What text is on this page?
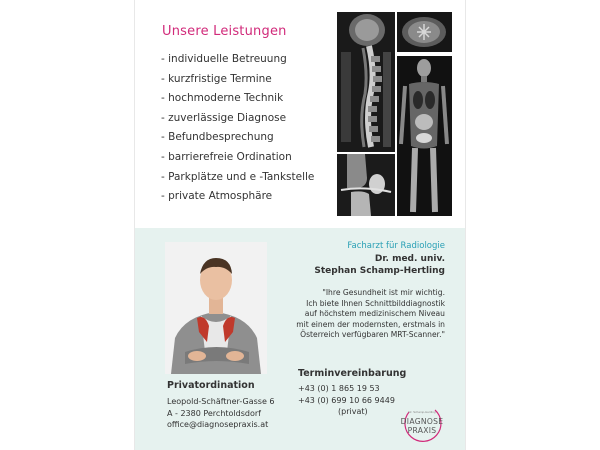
Unsere Leistungen
- individuelle Betreuung
- kurzfristige Termine
- hochmoderne Technik
- zuverlässige Diagnose
- Befundbesprechung
- barrierefreie Ordination
- Parkplätze und e -Tankstelle
- private Atmosphäre
Facharzt für Radiologie
Dr. med. univ.
Stephan Schamp-Hertling
"Ihre Gesundheit ist mir wichtig.
Ich biete Ihnen Schnittbilddiagnostik
auf höchstem medizinischem Niveau
mit einem der modernsten, erstmals in
Österreich verfügbaren MRT-Scanner."
Privatordination
Leopold-Schäftner-Gasse 6
A - 2380 Perchtoldsdorf
office@diagnosepraxis.at
Terminvereinbarung
+43 (0) 1 865 19 53
+43 (0) 699 10 66 9449
(privat)	Dr. Schamp-Hertling
DIAGNOSE
PRAXIS
